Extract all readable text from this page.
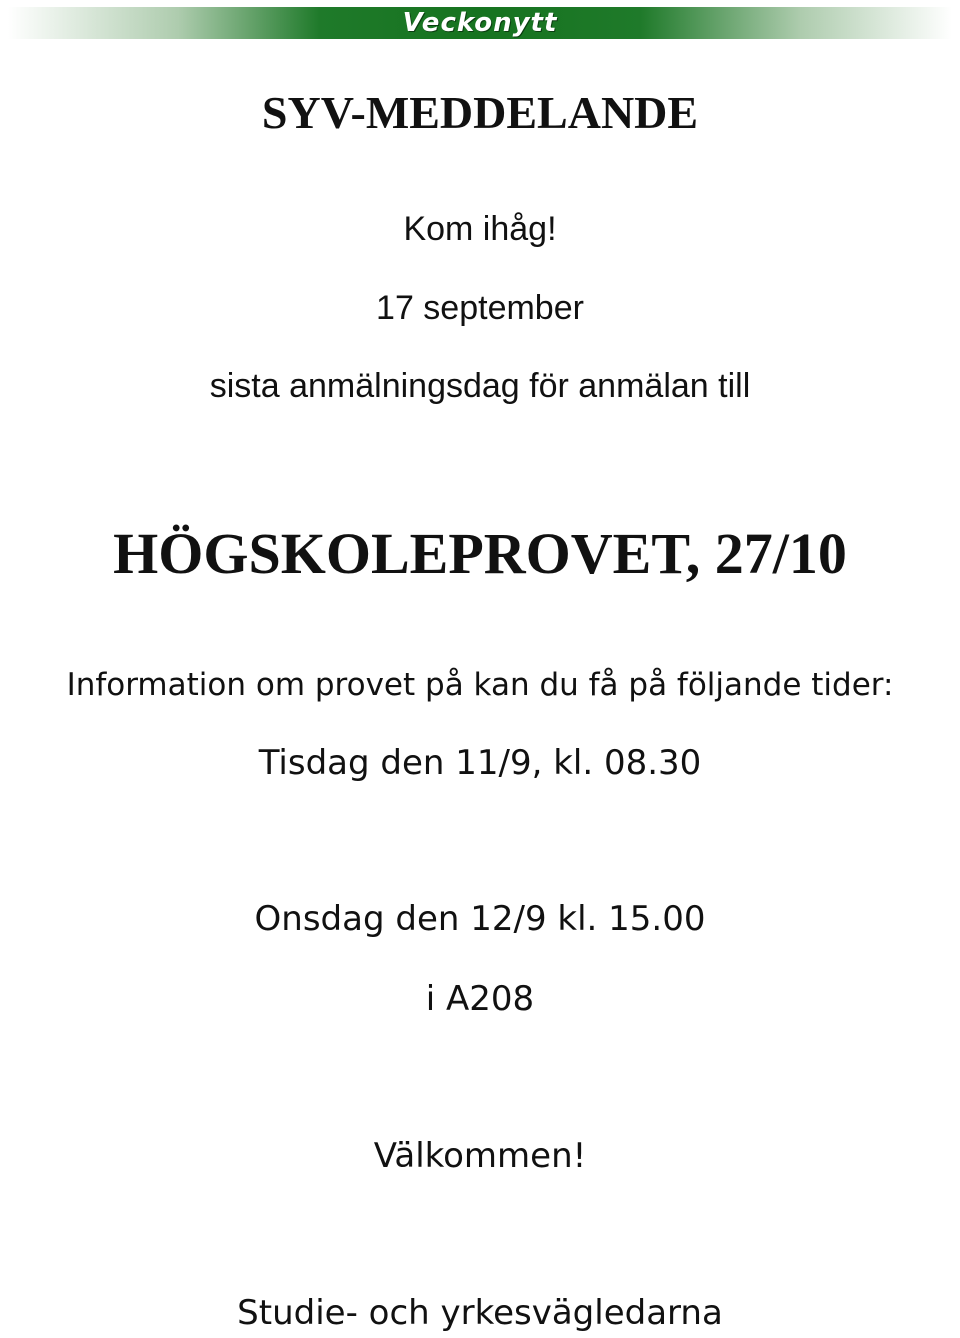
Veckonytt
SYV-MEDDELANDE

Kom ihåg!

17 september

sista anmälningsdag för anmälan till

HÖGSKOLEPROVET, 27/10

Information om provet på kan du få på följande tider:

Tisdag den 11/9, kl. 08.30

Onsdag den 12/9 kl. 15.00

i A208

Välkommen!

Studie- och yrkesvägledarna
